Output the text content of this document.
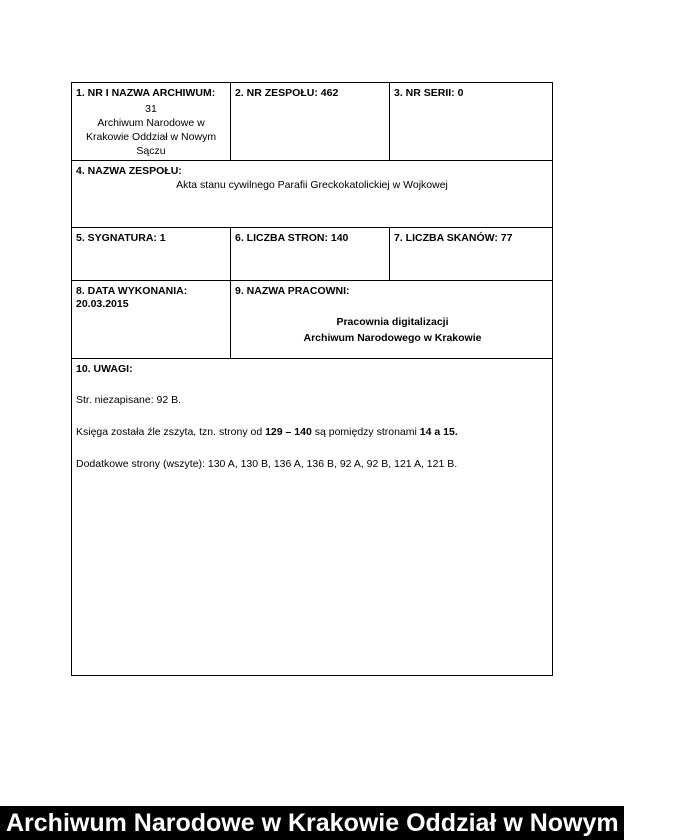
1. NR I NAZWA ARCHIWUM:
31
Archiwum Narodowe w
Krakowie Oddział w Nowym
Sączu
2. NR ZESPOŁU: 462	3. NR SERII: 0
4. NAZWA ZESPOŁU:
Akta stanu cywilnego Parafii Greckokatolickiej w Wojkowej
5. SYGNATURA: 1	6. LICZBA STRON: 140	7. LICZBA SKANÓW: 77
8. DATA WYKONANIA:
20.03.2015
9. NAZWA PRACOWNI:
Pracownia digitalizacji
Archiwum Narodowego w Krakowie
10. UWAGI:

Str. niezapisane: 92 B.

Księga została źle zszyta, tzn. strony od 129 – 140 są pomiędzy stronami 14 a 15.

Dodatkowe strony (wszyte): 130 A, 130 B, 136 A, 136 B, 92 A, 92 B, 121 A, 121 B.

Archiwum Narodowe w Krakowie Oddział w Nowym Sączu
